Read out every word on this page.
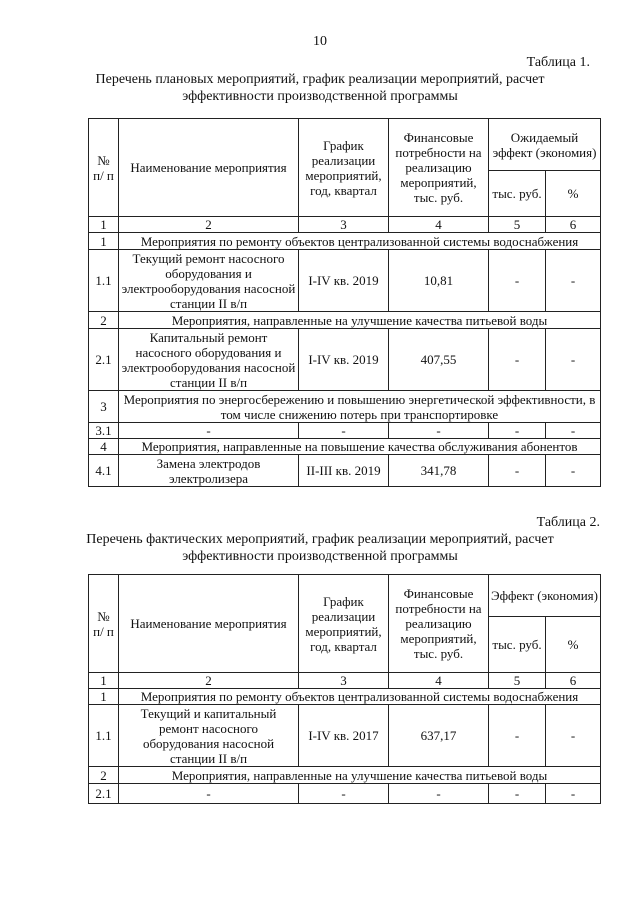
10
Таблица 1.
Перечень плановых мероприятий, график реализации мероприятий, расчет эффективности производственной программы
№ п/ п	Наименование мероприятия	График реализации мероприятий, год, квартал	Финансовые потребности на реализацию мероприятий, тыс. руб.	Ожидаемый эффект (экономия)	
				тыс. руб.	%
1	2	3	4	5	6
1	Мероприятия по ремонту объектов централизованной системы водоснабжения				
1.1	Текущий ремонт насосного оборудования и электрооборудования насосной станции II в/п	I-IV кв. 2019	10,81	-	-
2	Мероприятия, направленные на улучшение качества питьевой воды				
2.1	Капитальный ремонт насосного оборудования и электрооборудования насосной станции II в/п	I-IV кв. 2019	407,55	-	-
3	Мероприятия по энергосбережению и повышению энергетической эффективности, в том числе снижению потерь при транспортировке				
3.1	-	-	-	-	-
4	Мероприятия, направленные на повышение качества обслуживания абонентов				
4.1	Замена электродов электролизера	II-III кв. 2019	341,78	-	-
Таблица 2.
Перечень фактических мероприятий, график реализации мероприятий, расчет эффективности производственной программы
№ п/ п	Наименование мероприятия	График реализации мероприятий, год, квартал	Финансовые потребности на реализацию мероприятий, тыс. руб.	Эффект (экономия)	
				тыс. руб.	%
1	2	3	4	5	6
1	Мероприятия по ремонту объектов централизованной системы водоснабжения				
1.1	Текущий и капитальный ремонт насосного оборудования насосной станции II в/п	I-IV кв. 2017	637,17	-	-
2	Мероприятия, направленные на улучшение качества питьевой воды				
2.1	-	-	-	-	-
